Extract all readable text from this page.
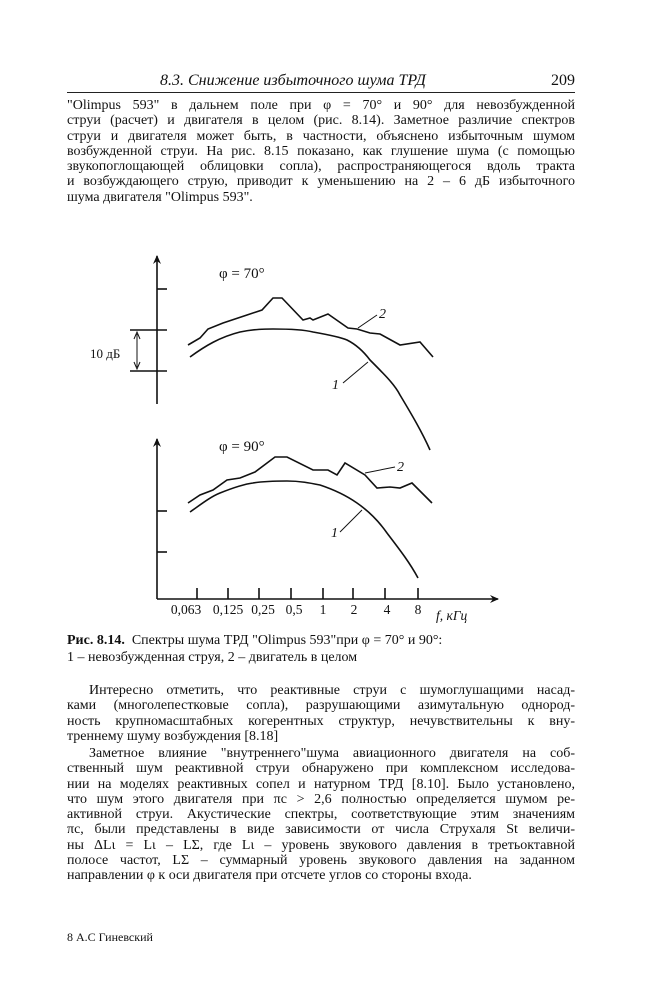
8.3. Снижение избыточного шума ТРД	209
"Olimpus 593" в дальнем поле при φ = 70° и 90° для невозбужденной
струи (расчет) и двигателя в целом (рис. 8.14). Заметное различие спектров
струи и двигателя может быть, в частности, объяснено избыточным шумом
возбужденной струи. На рис. 8.15 показано, как глушение шума (с помощью
звукопоглощающей облицовки сопла), распространяющегося вдоль тракта
и возбуждающего струю, приводит к уменьшению на 2 – 6 дБ избыточного
шума двигателя "Olimpus 593".
φ = 70°
φ = 90°
10 дБ
2
1
2
1
0,063 0,125 0,25 0,5 1 2 4 8 f, кГц
Рис. 8.14. Спектры шума ТРД "Olimpus 593"при φ = 70° и 90°:
1 – невозбужденная струя, 2 – двигатель в целом
Интересно отметить, что реактивные струи с шумоглушащими насад-
ками (многолепестковые сопла), разрушающими азимутальную однород-
ность крупномасштабных когерентных структур, нечувствительны к вну-
треннему шуму возбуждения [8.18]
Заметное влияние "внутреннего"шума авиационного двигателя на соб-
ственный шум реактивной струи обнаружено при комплексном исследова-
нии на моделях реактивных сопел и натурном ТРД [8.10]. Было установлено,
что шум этого двигателя при πc > 2,6 полностью определяется шумом ре-
активной струи. Акустические спектры, соответствующие этим значениям
πc, были представлены в виде зависимости от числа Струхаля St величи-
ны ΔLι = Lι – LΣ, где Lι – уровень звукового давления в третьоктавной
полосе частот, LΣ – суммарный уровень звукового давления на заданном
направлении φ к оси двигателя при отсчете углов со стороны входа.
8 А.С Гиневский
